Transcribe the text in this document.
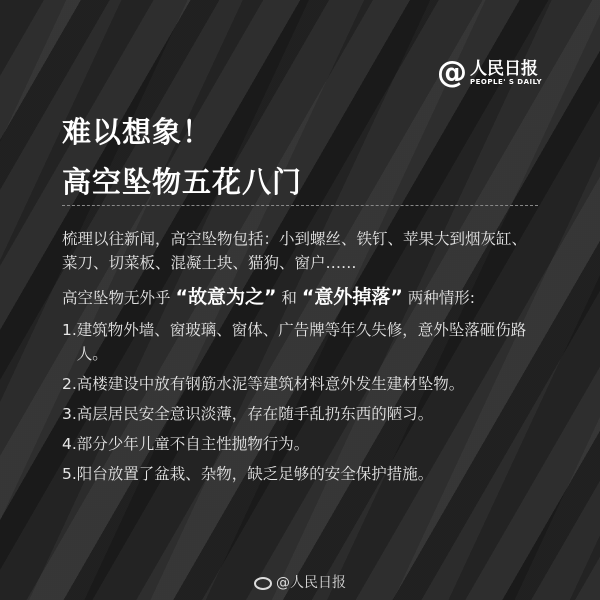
@ 人民日报
PEOPLE' S DAILY
难以想象！
高空坠物五花八门

梳理以往新闻，高空坠物包括：小到螺丝、铁钉、苹果大到烟灰缸、菜刀、切菜板、混凝土块、猫狗、窗户……

高空坠物无外乎 “故意为之” 和 “意外掉落” 两种情形:

1. 建筑物外墙、窗玻璃、窗体、广告牌等年久失修，意外坠落砸伤路人。
2. 高楼建设中放有钢筋水泥等建筑材料意外发生建材坠物。
3. 高层居民安全意识淡薄，存在随手乱扔东西的陋习。
4. 部分少年儿童不自主性抛物行为。
5. 阳台放置了盆栽、杂物，缺乏足够的安全保护措施。
@人民日报
